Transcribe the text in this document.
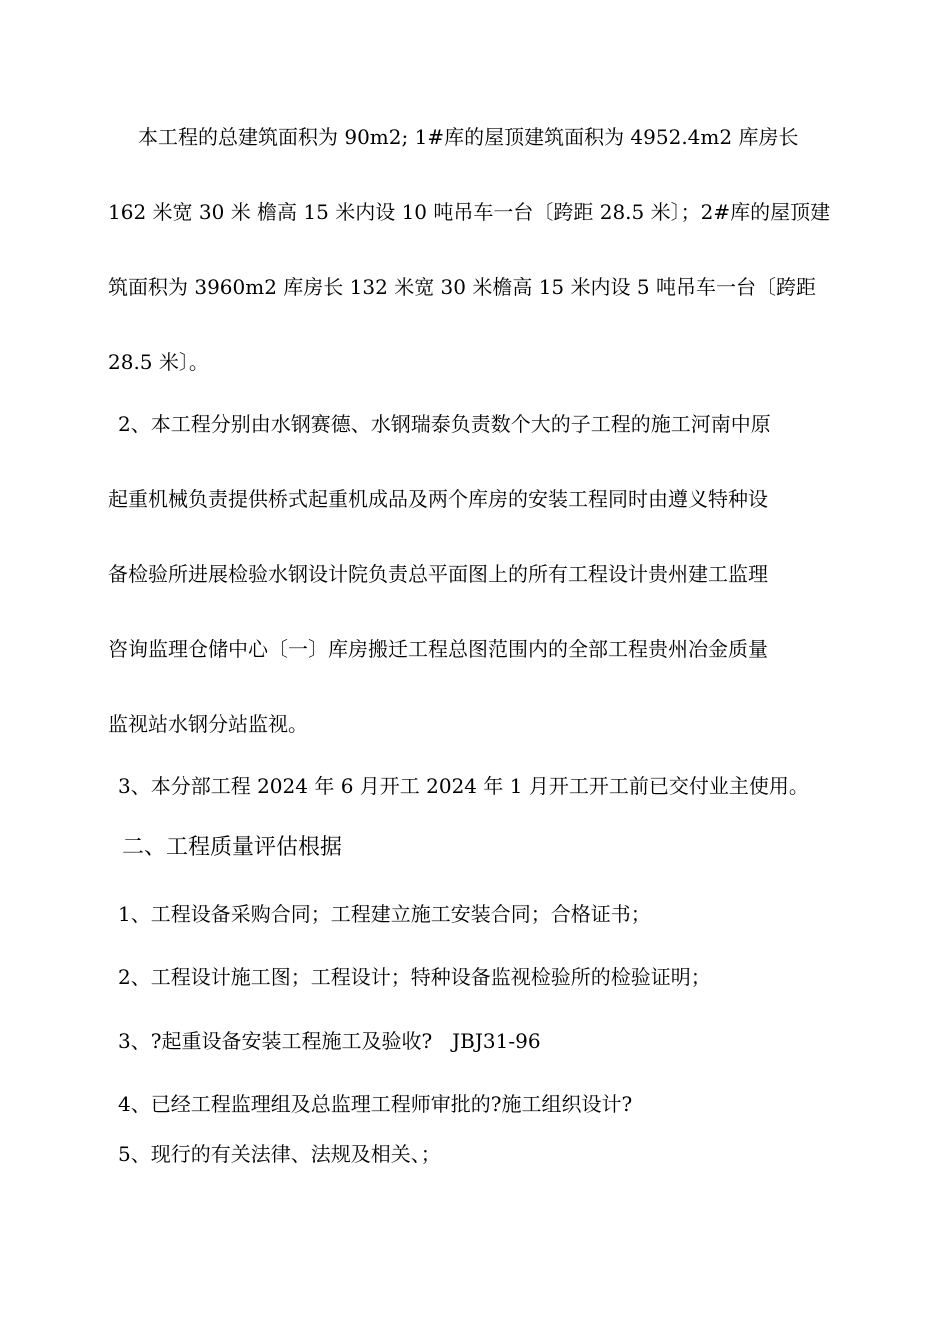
本工程的总建筑面积为 90m2; 1#库的屋顶建筑面积为 4952.4m2 库房长
162 米宽 30 米 檐高 15 米内设 10 吨吊车一台〔跨距 28.5 米〕；2#库的屋顶建
筑面积为 3960m2 库房长 132 米宽 30 米檐高 15 米内设 5 吨吊车一台〔跨距
28.5 米〕。
2、本工程分别由水钢赛德、水钢瑞泰负责数个大的子工程的施工河南中原
起重机械负责提供桥式起重机成品及两个库房的安装工程同时由遵义特种设
备检验所进展检验水钢设计院负责总平面图上的所有工程设计贵州建工监理
咨询监理仓储中心〔一〕库房搬迁工程总图范围内的全部工程贵州冶金质量
监视站水钢分站监视。
3、本分部工程 2024 年 6 月开工 2024 年 1 月开工开工前已交付业主使用。
二、工程质量评估根据
1、工程设备采购合同；工程建立施工安装合同；合格证书；
2、工程设计施工图；工程设计；特种设备监视检验所的检验证明；
3、?起重设备安装工程施工及验收?　JBJ31-96
4、已经工程监理组及总监理工程师审批的?施工组织设计?
5、现行的有关法律、法规及相关、；
